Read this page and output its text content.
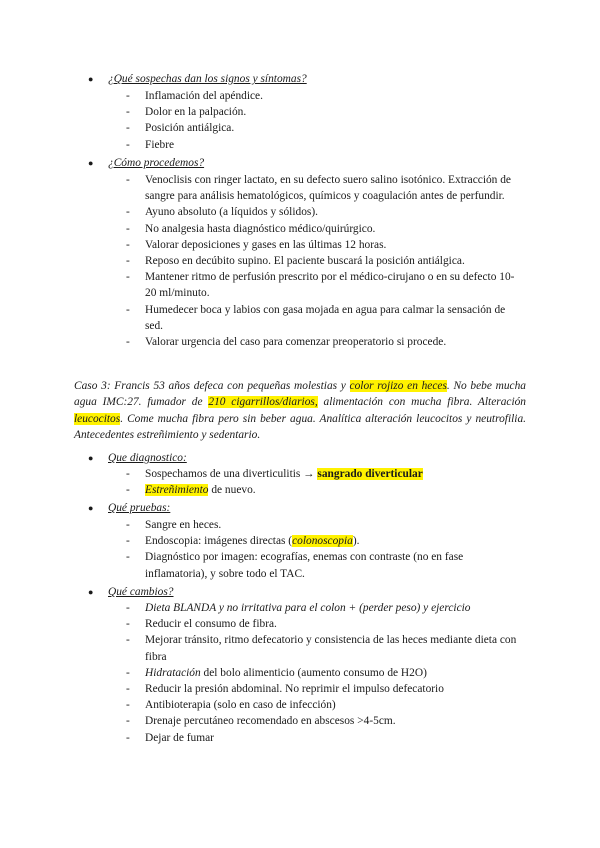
●	¿Qué sospechas dan los signos y síntomas?
- Inflamación del apéndice.
- Dolor en la palpación.
- Posición antiálgica.
- Fiebre
●	¿Cómo procedemos?
- Venoclisis con ringer lactato, en su defecto suero salino isotónico. Extracción de sangre para análisis hematológicos, químicos y coagulación antes de perfundir.
- Ayuno absoluto (a líquidos y sólidos).
- No analgesia hasta diagnóstico médico/quirúrgico.
- Valorar deposiciones y gases en las últimas 12 horas.
- Reposo en decúbito supino. El paciente buscará la posición antiálgica.
- Mantener ritmo de perfusión prescrito por el médico-cirujano o en su defecto 10- 20 ml/minuto.
- Humedecer boca y labios con gasa mojada en agua para calmar la sensación de sed.
- Valorar urgencia del caso para comenzar preoperatorio si procede.
Caso 3: Francis 53 años defeca con pequeñas molestias y color rojizo en heces. No bebe mucha agua IMC:27. fumador de 210 cigarrillos/diarios, alimentación con mucha fibra. Alteración leucocitos. Come mucha fibra pero sin beber agua. Analítica alteración leucocitos y neutrofilia. Antecedentes estreñimiento y sedentario.
●	Que diagnostico:
- Sospechamos de una diverticulitis → sangrado diverticular
- Estreñimiento de nuevo.
●	Qué pruebas:
- Sangre en heces.
- Endoscopia: imágenes directas (colonoscopia).
- Diagnóstico por imagen: ecografías, enemas con contraste (no en fase inflamatoria), y sobre todo el TAC.
●	Qué cambios?
- Dieta BLANDA y no irritativa para el colon + (perder peso) y ejercicio
- Reducir el consumo de fibra.
- Mejorar tránsito, ritmo defecatorio y consistencia de las heces mediante dieta con fibra
- Hidratación del bolo alimenticio (aumento consumo de H2O)
- Reducir la presión abdominal. No reprimir el impulso defecatorio
- Antibioterapia (solo en caso de infección)
- Drenaje percutáneo recomendado en abscesos >4-5cm.
- Dejar de fumar
